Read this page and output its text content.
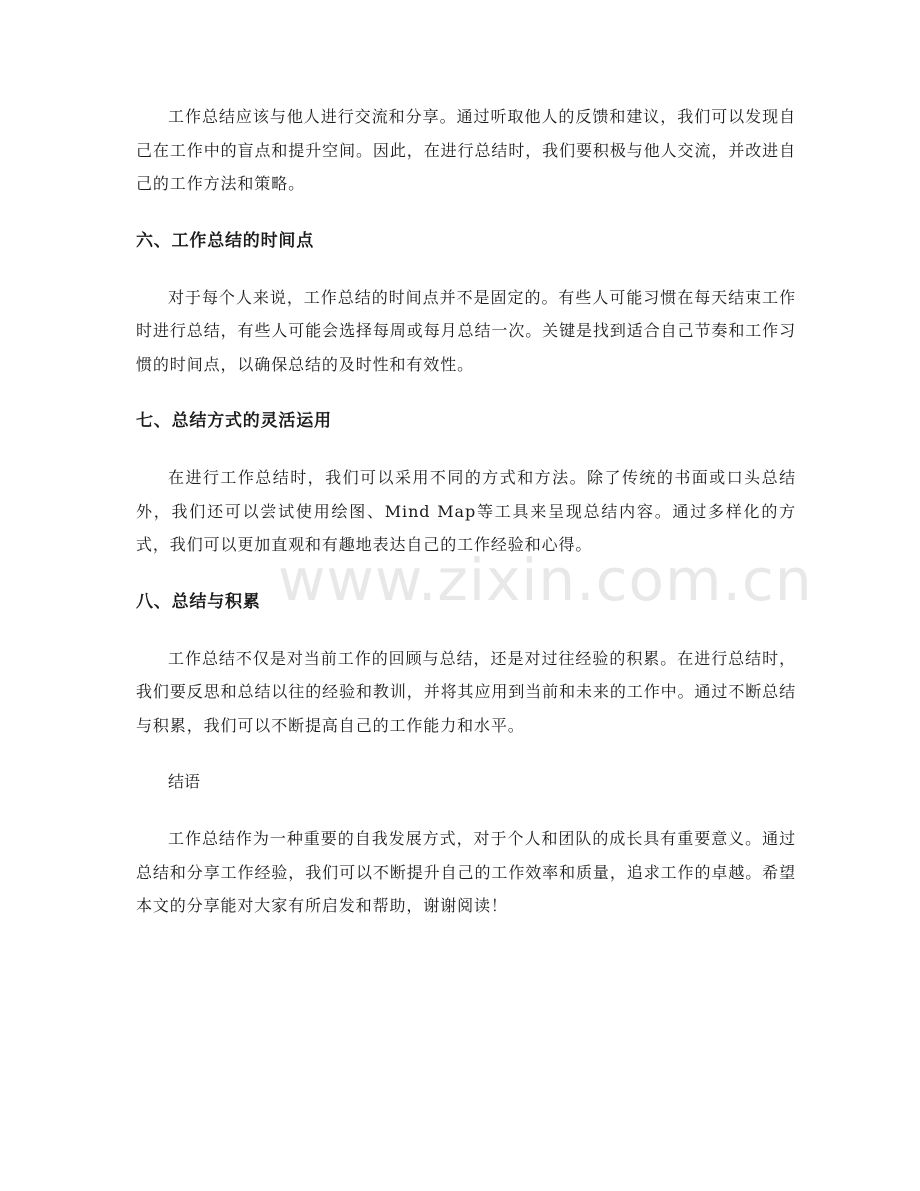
工作总结应该与他人进行交流和分享。通过听取他人的反馈和建议，我们可以发现自己在工作中的盲点和提升空间。因此，在进行总结时，我们要积极与他人交流，并改进自己的工作方法和策略。

六、工作总结的时间点

对于每个人来说，工作总结的时间点并不是固定的。有些人可能习惯在每天结束工作时进行总结，有些人可能会选择每周或每月总结一次。关键是找到适合自己节奏和工作习惯的时间点，以确保总结的及时性和有效性。

七、总结方式的灵活运用

在进行工作总结时，我们可以采用不同的方式和方法。除了传统的书面或口头总结外，我们还可以尝试使用绘图、Mind Map等工具来呈现总结内容。通过多样化的方式，我们可以更加直观和有趣地表达自己的工作经验和心得。

八、总结与积累

工作总结不仅是对当前工作的回顾与总结，还是对过往经验的积累。在进行总结时，我们要反思和总结以往的经验和教训，并将其应用到当前和未来的工作中。通过不断总结与积累，我们可以不断提高自己的工作能力和水平。

结语

工作总结作为一种重要的自我发展方式，对于个人和团队的成长具有重要意义。通过总结和分享工作经验，我们可以不断提升自己的工作效率和质量，追求工作的卓越。希望本文的分享能对大家有所启发和帮助，谢谢阅读！

www.zixin.com.cn
